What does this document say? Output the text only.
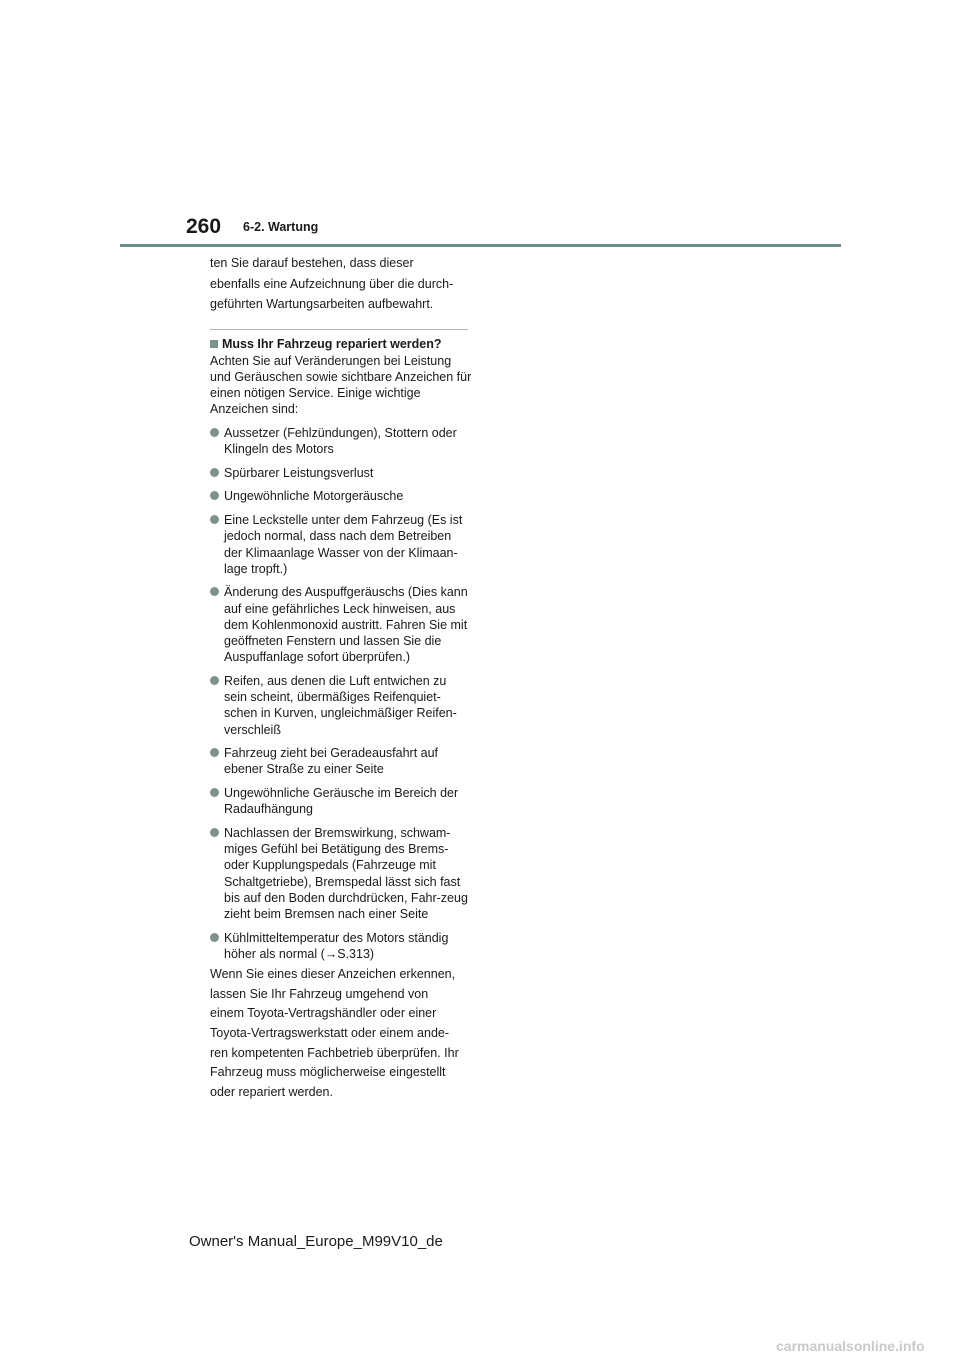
260 6-2. Wartung

ten Sie darauf bestehen, dass dieser

ebenfalls eine Aufzeichnung über die durch-

geführten Wartungsarbeiten aufbewahrt.

Muss Ihr Fahrzeug repariert werden?

Achten Sie auf Veränderungen bei Leistung und Geräuschen sowie sichtbare Anzeichen für einen nötigen Service. Einige wichtige Anzeichen sind:

Aussetzer (Fehlzündungen), Stottern oder Klingeln des Motors
Spürbarer Leistungsverlust
Ungewöhnliche Motorgeräusche
Eine Leckstelle unter dem Fahrzeug (Es ist jedoch normal, dass nach dem Betreiben der Klimaanlage Wasser von der Klimaan-lage tropft.)
Änderung des Auspuffgeräuschs (Dies kann auf eine gefährliches Leck hinweisen, aus dem Kohlenmonoxid austritt. Fahren Sie mit geöffneten Fenstern und lassen Sie die Auspuffanlage sofort überprüfen.)
Reifen, aus denen die Luft entwichen zu sein scheint, übermäßiges Reifenquiet-schen in Kurven, ungleichmäßiger Reifen-verschleiß
Fahrzeug zieht bei Geradeausfahrt auf ebener Straße zu einer Seite
Ungewöhnliche Geräusche im Bereich der Radaufhängung
Nachlassen der Bremswirkung, schwam-miges Gefühl bei Betätigung des Brems- oder Kupplungspedals (Fahrzeuge mit Schaltgetriebe), Bremspedal lässt sich fast bis auf den Boden durchdrücken, Fahr-zeug zieht beim Bremsen nach einer Seite
Kühlmitteltemperatur des Motors ständig höher als normal (→S.313)

Wenn Sie eines dieser Anzeichen erkennen,

lassen Sie Ihr Fahrzeug umgehend von

einem Toyota-Vertragshändler oder einer

Toyota-Vertragswerkstatt oder einem ande-

ren kompetenten Fachbetrieb überprüfen. Ihr

Fahrzeug muss möglicherweise eingestellt

oder repariert werden.

Owner's Manual_Europe_M99V10_de
carmanualsonline.info
